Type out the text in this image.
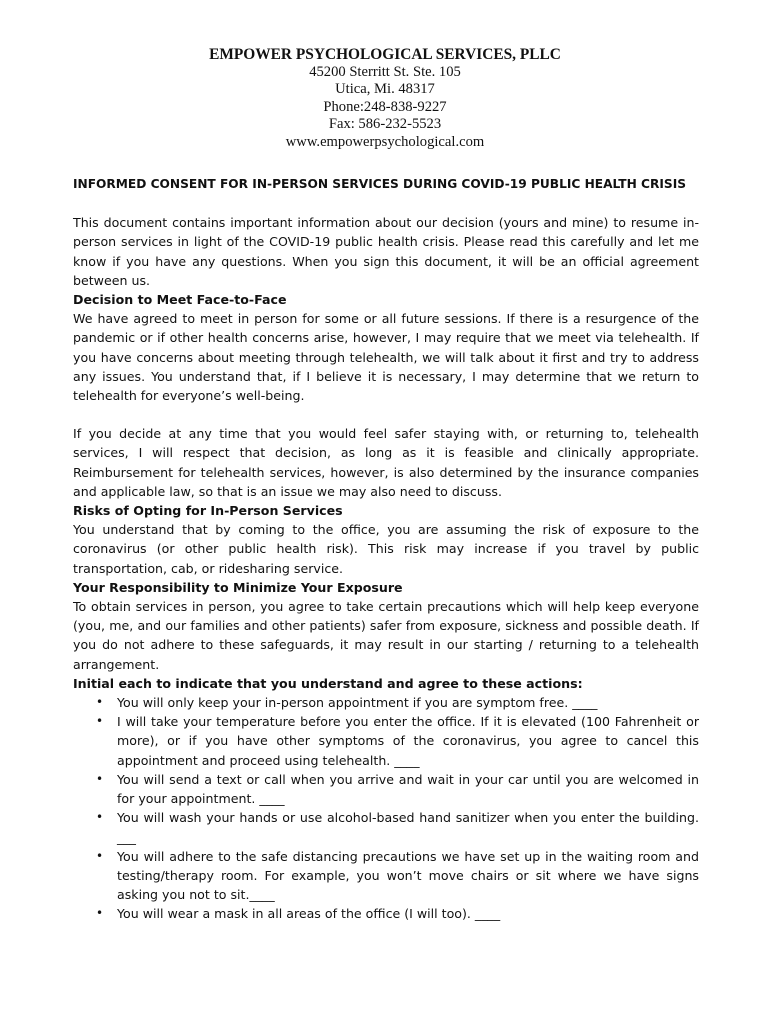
EMPOWER PSYCHOLOGICAL SERVICES, PLLC
45200 Sterritt St. Ste. 105
Utica, Mi. 48317
Phone:248-838-9227
Fax: 586-232-5523
www.empowerpsychological.com
INFORMED CONSENT FOR IN-PERSON SERVICES DURING COVID-19 PUBLIC HEALTH CRISIS

This document contains important information about our decision (yours and mine) to resume in-person services in light of the COVID-19 public health crisis. Please read this carefully and let me know if you have any questions. When you sign this document, it will be an official agreement between us.

Decision to Meet Face-to-Face

We have agreed to meet in person for some or all future sessions. If there is a resurgence of the pandemic or if other health concerns arise, however, I may require that we meet via telehealth. If you have concerns about meeting through telehealth, we will talk about it first and try to address any issues. You understand that, if I believe it is necessary, I may determine that we return to telehealth for everyone’s well-being.

If you decide at any time that you would feel safer staying with, or returning to, telehealth services, I will respect that decision, as long as it is feasible and clinically appropriate. Reimbursement for telehealth services, however, is also determined by the insurance companies and applicable law, so that is an issue we may also need to discuss.

Risks of Opting for In-Person Services

You understand that by coming to the office, you are assuming the risk of exposure to the coronavirus (or other public health risk). This risk may increase if you travel by public transportation, cab, or ridesharing service.

Your Responsibility to Minimize Your Exposure

To obtain services in person, you agree to take certain precautions which will help keep everyone (you, me, and our families and other patients) safer from exposure, sickness and possible death. If you do not adhere to these safeguards, it may result in our starting / returning to a telehealth arrangement.

Initial each to indicate that you understand and agree to these actions:
• You will only keep your in-person appointment if you are symptom free. ____
• I will take your temperature before you enter the office. If it is elevated (100 Fahrenheit or more), or if you have other symptoms of the coronavirus, you agree to cancel this appointment and proceed using telehealth. ____
• You will send a text or call when you arrive and wait in your car until you are welcomed in for your appointment. ____
• You will wash your hands or use alcohol-based hand sanitizer when you enter the building. ___
• You will adhere to the safe distancing precautions we have set up in the waiting room and testing/therapy room. For example, you won’t move chairs or sit where we have signs asking you not to sit.____
• You will wear a mask in all areas of the office (I will too). ____
